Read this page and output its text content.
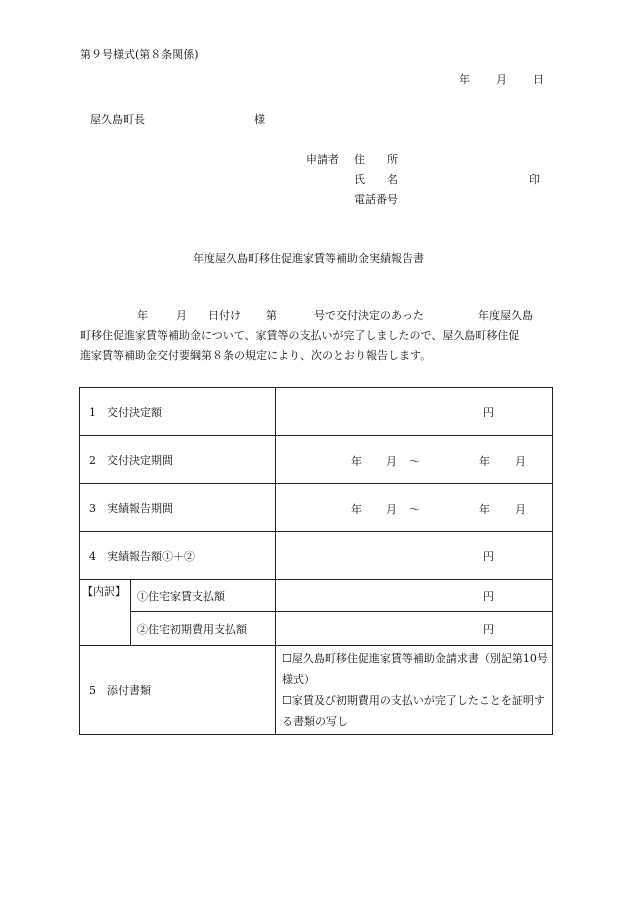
第９号様式(第８条関係)
年 月 日
屋久島町長	様
申請者 住　　所
氏　　名	印
電話番号
年度屋久島町移住促進家賃等補助金実績報告書
年	月 日付け 第	号で交付決定のあった	年度屋久島
町移住促進家賃等補助金について、家賃等の支払いが完了しましたので、屋久島町移住促
進家賃等補助金交付要綱第８条の規定により、次のとおり報告します。
1　交付決定額		円
2　交付決定期間		年 月 ～ 年 月

3　実績報告期間		年 月 ～ 年 月

4　実績報告額①＋②		円
【内訳】	①住宅家賃支払額	円
	②住宅初期費用支払額	円
5　添付書類		☐屋久島町移住促進家賃等補助金請求書（別記第10号様式）
☐家賃及び初期費用の支払いが完了したことを証明する書類の写し
